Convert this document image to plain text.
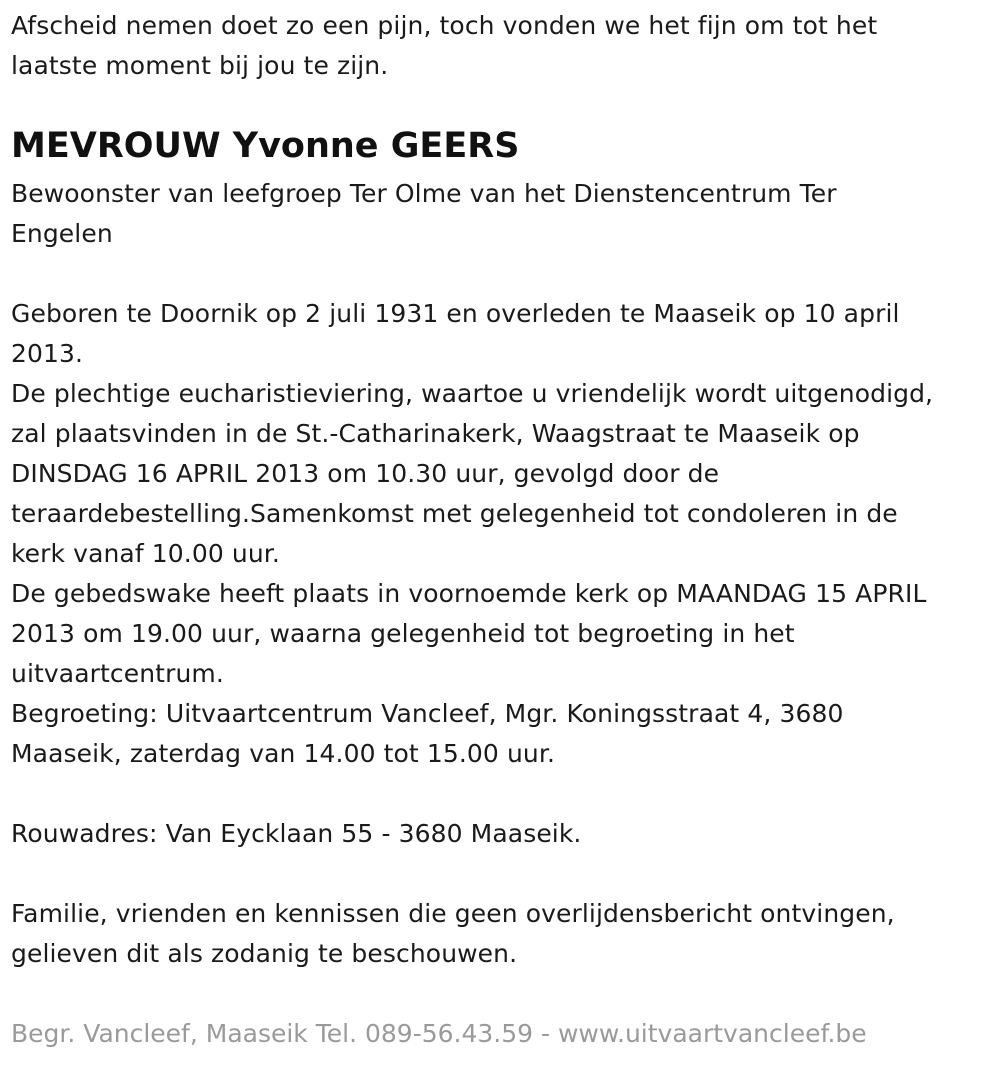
Afscheid nemen doet zo een pijn, toch vonden we het fijn om tot het
laatste moment bij jou te zijn.

MEVROUW Yvonne GEERS

Bewoonster van leefgroep Ter Olme van het Dienstencentrum Ter
Engelen

Geboren te Doornik op 2 juli 1931 en overleden te Maaseik op 10 april
2013.
De plechtige eucharistieviering, waartoe u vriendelijk wordt uitgenodigd,
zal plaatsvinden in de St.-Catharinakerk, Waagstraat te Maaseik op
DINSDAG 16 APRIL 2013 om 10.30 uur, gevolgd door de
teraardebestelling.Samenkomst met gelegenheid tot condoleren in de
kerk vanaf 10.00 uur.
De gebedswake heeft plaats in voornoemde kerk op MAANDAG 15 APRIL
2013 om 19.00 uur, waarna gelegenheid tot begroeting in het
uitvaartcentrum.
Begroeting: Uitvaartcentrum Vancleef, Mgr. Koningsstraat 4, 3680
Maaseik, zaterdag van 14.00 tot 15.00 uur.

Rouwadres: Van Eycklaan 55 - 3680 Maaseik.

Familie, vrienden en kennissen die geen overlijdensbericht ontvingen,
gelieven dit als zodanig te beschouwen.

Begr. Vancleef, Maaseik Tel. 089-56.43.59 - www.uitvaartvancleef.be
